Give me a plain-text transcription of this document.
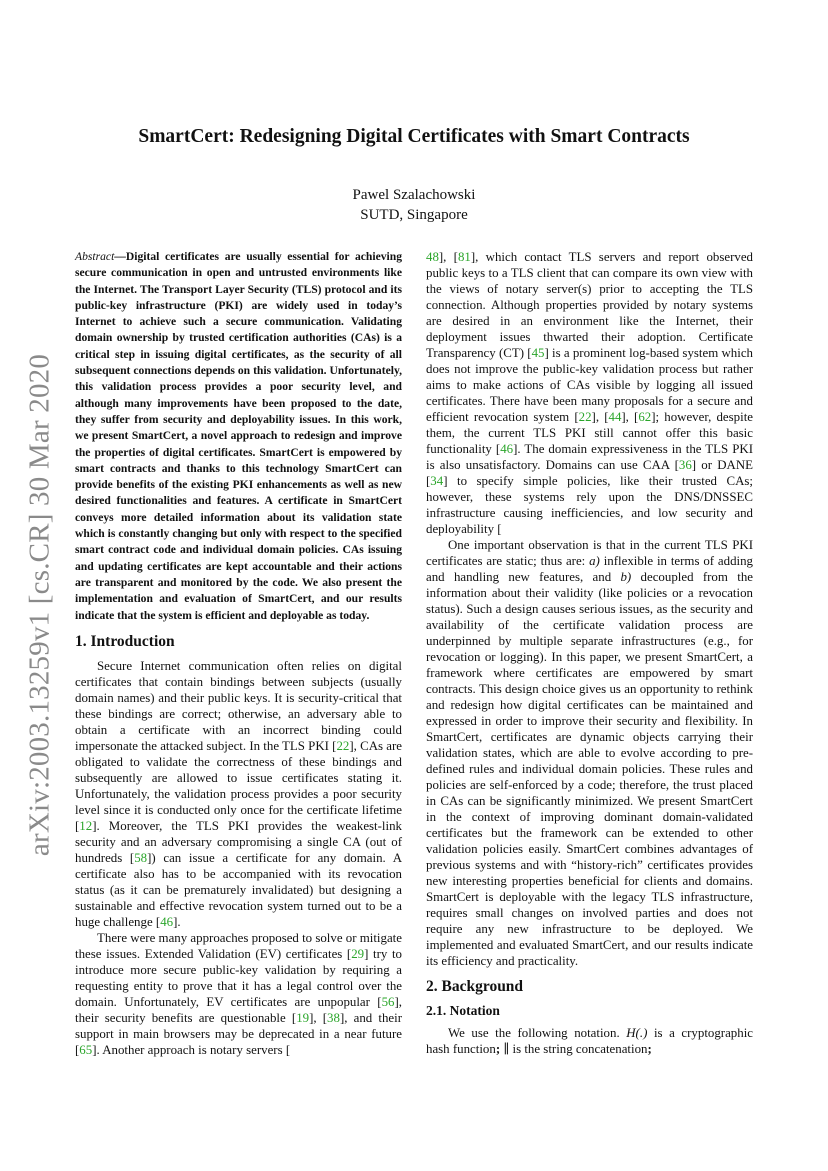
arXiv:2003.13259v1 [cs.CR] 30 Mar 2020
SmartCert: Redesigning Digital Certificates with Smart Contracts
Pawel Szalachowski
SUTD, Singapore

Abstract—Digital certificates are usually essential for achieving secure communication in open and untrusted environments like the Internet. The Transport Layer Security (TLS) protocol and its public-key infrastructure (PKI) are widely used in today’s Internet to achieve such a secure communication. Validating domain ownership by trusted certification authorities (CAs) is a critical step in issuing digital certificates, as the security of all subsequent connections depends on this validation. Unfortunately, this validation process provides a poor security level, and although many improvements have been proposed to the date, they suffer from security and deployability issues. In this work, we present SmartCert, a novel approach to redesign and improve the properties of digital certificates. SmartCert is empowered by smart contracts and thanks to this technology SmartCert can provide benefits of the existing PKI enhancements as well as new desired functionalities and features. A certificate in SmartCert conveys more detailed information about its validation state which is constantly changing but only with respect to the specified smart contract code and individual domain policies. CAs issuing and updating certificates are kept accountable and their actions are transparent and monitored by the code. We also present the implementation and evaluation of SmartCert, and our results indicate that the system is efficient and deployable as today.

1. Introduction

Secure Internet communication often relies on digital certificates that contain bindings between subjects (usually domain names) and their public keys. It is security-critical that these bindings are correct; otherwise, an adversary able to obtain a certificate with an incorrect binding could impersonate the attacked subject. In the TLS PKI [22], CAs are obligated to validate the correctness of these bindings and subsequently are allowed to issue certificates stating it. Unfortunately, the validation process provides a poor security level since it is conducted only once for the certificate lifetime [12]. Moreover, the TLS PKI provides the weakest-link security and an adversary compromising a single CA (out of hundreds [58]) can issue a certificate for any domain. A certificate also has to be accompanied with its revocation status (as it can be prematurely invalidated) but designing a sustainable and effective revocation system turned out to be a huge challenge [46].

There were many approaches proposed to solve or mitigate these issues. Extended Validation (EV) certificates [29] try to introduce more secure public-key validation by requiring a requesting entity to prove that it has a legal control over the domain. Unfortunately, EV certificates are unpopular [56], their security benefits are questionable [19], [38], and their support in main browsers may be deprecated in a near future [65]. Another approach is notary servers [

48], [81], which contact TLS servers and report observed public keys to a TLS client that can compare its own view with the views of notary server(s) prior to accepting the TLS connection. Although properties provided by notary systems are desired in an environment like the Internet, their deployment issues thwarted their adoption. Certificate Transparency (CT) [45] is a prominent log-based system which does not improve the public-key validation process but rather aims to make actions of CAs visible by logging all issued certificates. There have been many proposals for a secure and efficient revocation system [22], [44], [62]; however, despite them, the current TLS PKI still cannot offer this basic functionality [46]. The domain expressiveness in the TLS PKI is also unsatisfactory. Domains can use CAA [36] or DANE [34] to specify simple policies, like their trusted CAs; however, these systems rely upon the DNS/DNSSEC infrastructure causing inefficiencies, and low security and deployability [

One important observation is that in the current TLS PKI certificates are static; thus are: a) inflexible in terms of adding and handling new features, and b) decoupled from the information about their validity (like policies or a revocation status). Such a design causes serious issues, as the security and availability of the certificate validation process are underpinned by multiple separate infrastructures (e.g., for revocation or logging). In this paper, we present SmartCert, a framework where certificates are empowered by smart contracts. This design choice gives us an opportunity to rethink and redesign how digital certificates can be maintained and expressed in order to improve their security and flexibility. In SmartCert, certificates are dynamic objects carrying their validation states, which are able to evolve according to pre-defined rules and individual domain policies. These rules and policies are self-enforced by a code; therefore, the trust placed in CAs can be significantly minimized. We present SmartCert in the context of improving dominant domain-validated certificates but the framework can be extended to other validation policies easily. SmartCert combines advantages of previous systems and with “history-rich” certificates provides new interesting properties beneficial for clients and domains. SmartCert is deployable with the legacy TLS infrastructure, requires small changes on involved parties and does not require any new infrastructure to be deployed. We implemented and evaluated SmartCert, and our results indicate its efficiency and practicality.

2. Background
2.1. Notation

We use the following notation. H(.) is a cryptographic hash function; ∥ is the string concatenation;
